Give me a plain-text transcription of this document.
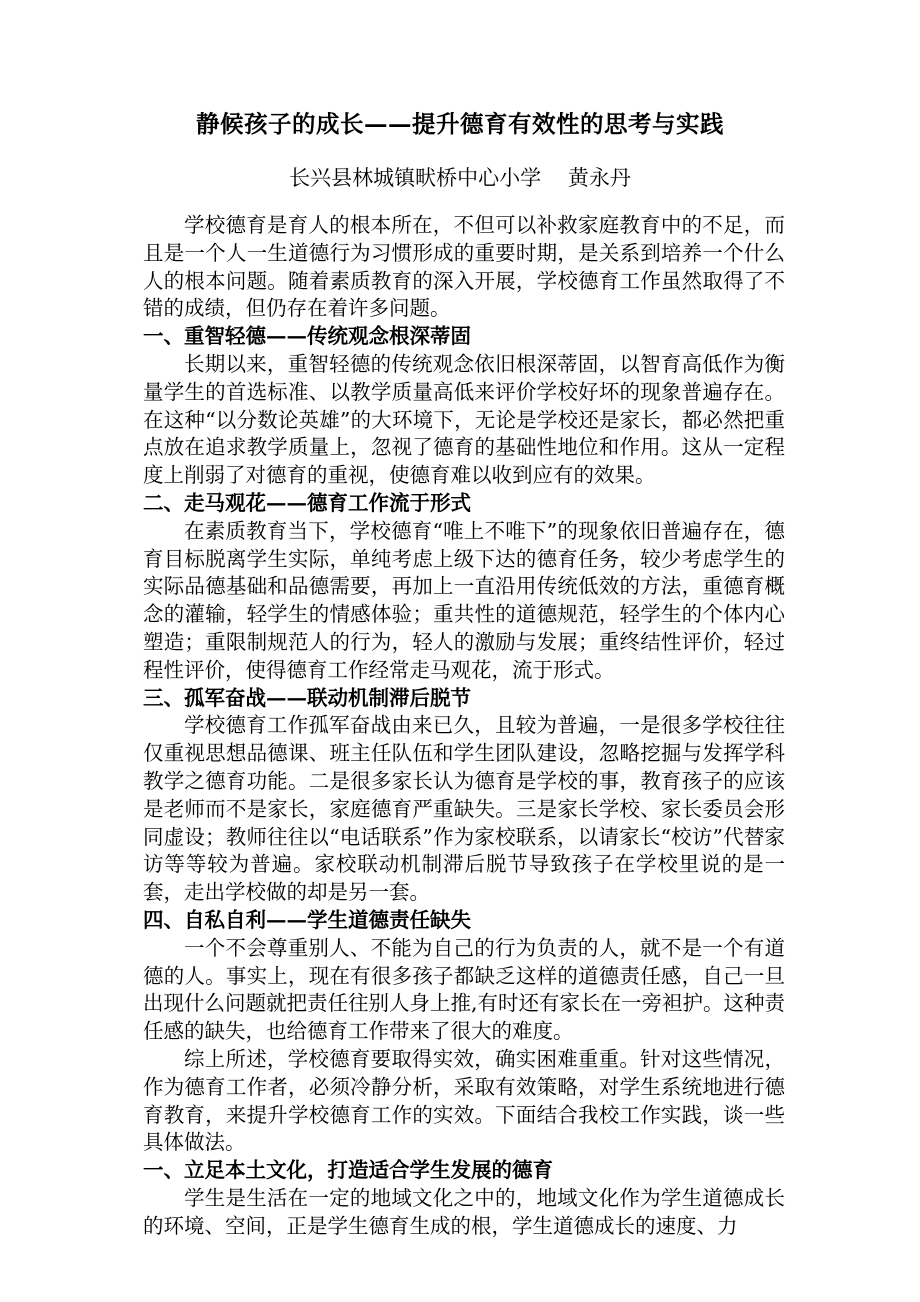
静候孩子的成长——提升德育有效性的思考与实践
长兴县林城镇畎桥中心小学    黄永丹

学校德育是育人的根本所在，不但可以补救家庭教育中的不足，而且是一个人一生道德行为习惯形成的重要时期，是关系到培养一个什么人的根本问题。随着素质教育的深入开展，学校德育工作虽然取得了不错的成绩，但仍存在着许多问题。

一、重智轻德——传统观念根深蒂固

长期以来，重智轻德的传统观念依旧根深蒂固，以智育高低作为衡量学生的首选标准、以教学质量高低来评价学校好坏的现象普遍存在。在这种“以分数论英雄”的大环境下，无论是学校还是家长，都必然把重点放在追求教学质量上，忽视了德育的基础性地位和作用。这从一定程度上削弱了对德育的重视，使德育难以收到应有的效果。

二、走马观花——德育工作流于形式

在素质教育当下，学校德育“唯上不唯下”的现象依旧普遍存在，德育目标脱离学生实际，单纯考虑上级下达的德育任务，较少考虑学生的实际品德基础和品德需要，再加上一直沿用传统低效的方法，重德育概念的灌输，轻学生的情感体验；重共性的道德规范，轻学生的个体内心塑造；重限制规范人的行为，轻人的激励与发展；重终结性评价，轻过程性评价，使得德育工作经常走马观花，流于形式。

三、孤军奋战——联动机制滞后脱节

学校德育工作孤军奋战由来已久，且较为普遍，一是很多学校往往仅重视思想品德课、班主任队伍和学生团队建设，忽略挖掘与发挥学科教学之德育功能。二是很多家长认为德育是学校的事，教育孩子的应该是老师而不是家长，家庭德育严重缺失。三是家长学校、家长委员会形同虚设；教师往往以“电话联系”作为家校联系，以请家长“校访”代替家访等等较为普遍。家校联动机制滞后脱节导致孩子在学校里说的是一套，走出学校做的却是另一套。

四、自私自利——学生道德责任缺失

一个不会尊重别人、不能为自己的行为负责的人，就不是一个有道德的人。事实上，现在有很多孩子都缺乏这样的道德责任感，自己一旦出现什么问题就把责任往别人身上推,有时还有家长在一旁袒护。这种责任感的缺失，也给德育工作带来了很大的难度。

综上所述，学校德育要取得实效，确实困难重重。针对这些情况，作为德育工作者，必须冷静分析，采取有效策略，对学生系统地进行德育教育，来提升学校德育工作的实效。下面结合我校工作实践，谈一些具体做法。

一、立足本土文化，打造适合学生发展的德育

学生是生活在一定的地域文化之中的，地域文化作为学生道德成长的环境、空间，正是学生德育生成的根，学生道德成长的速度、力
